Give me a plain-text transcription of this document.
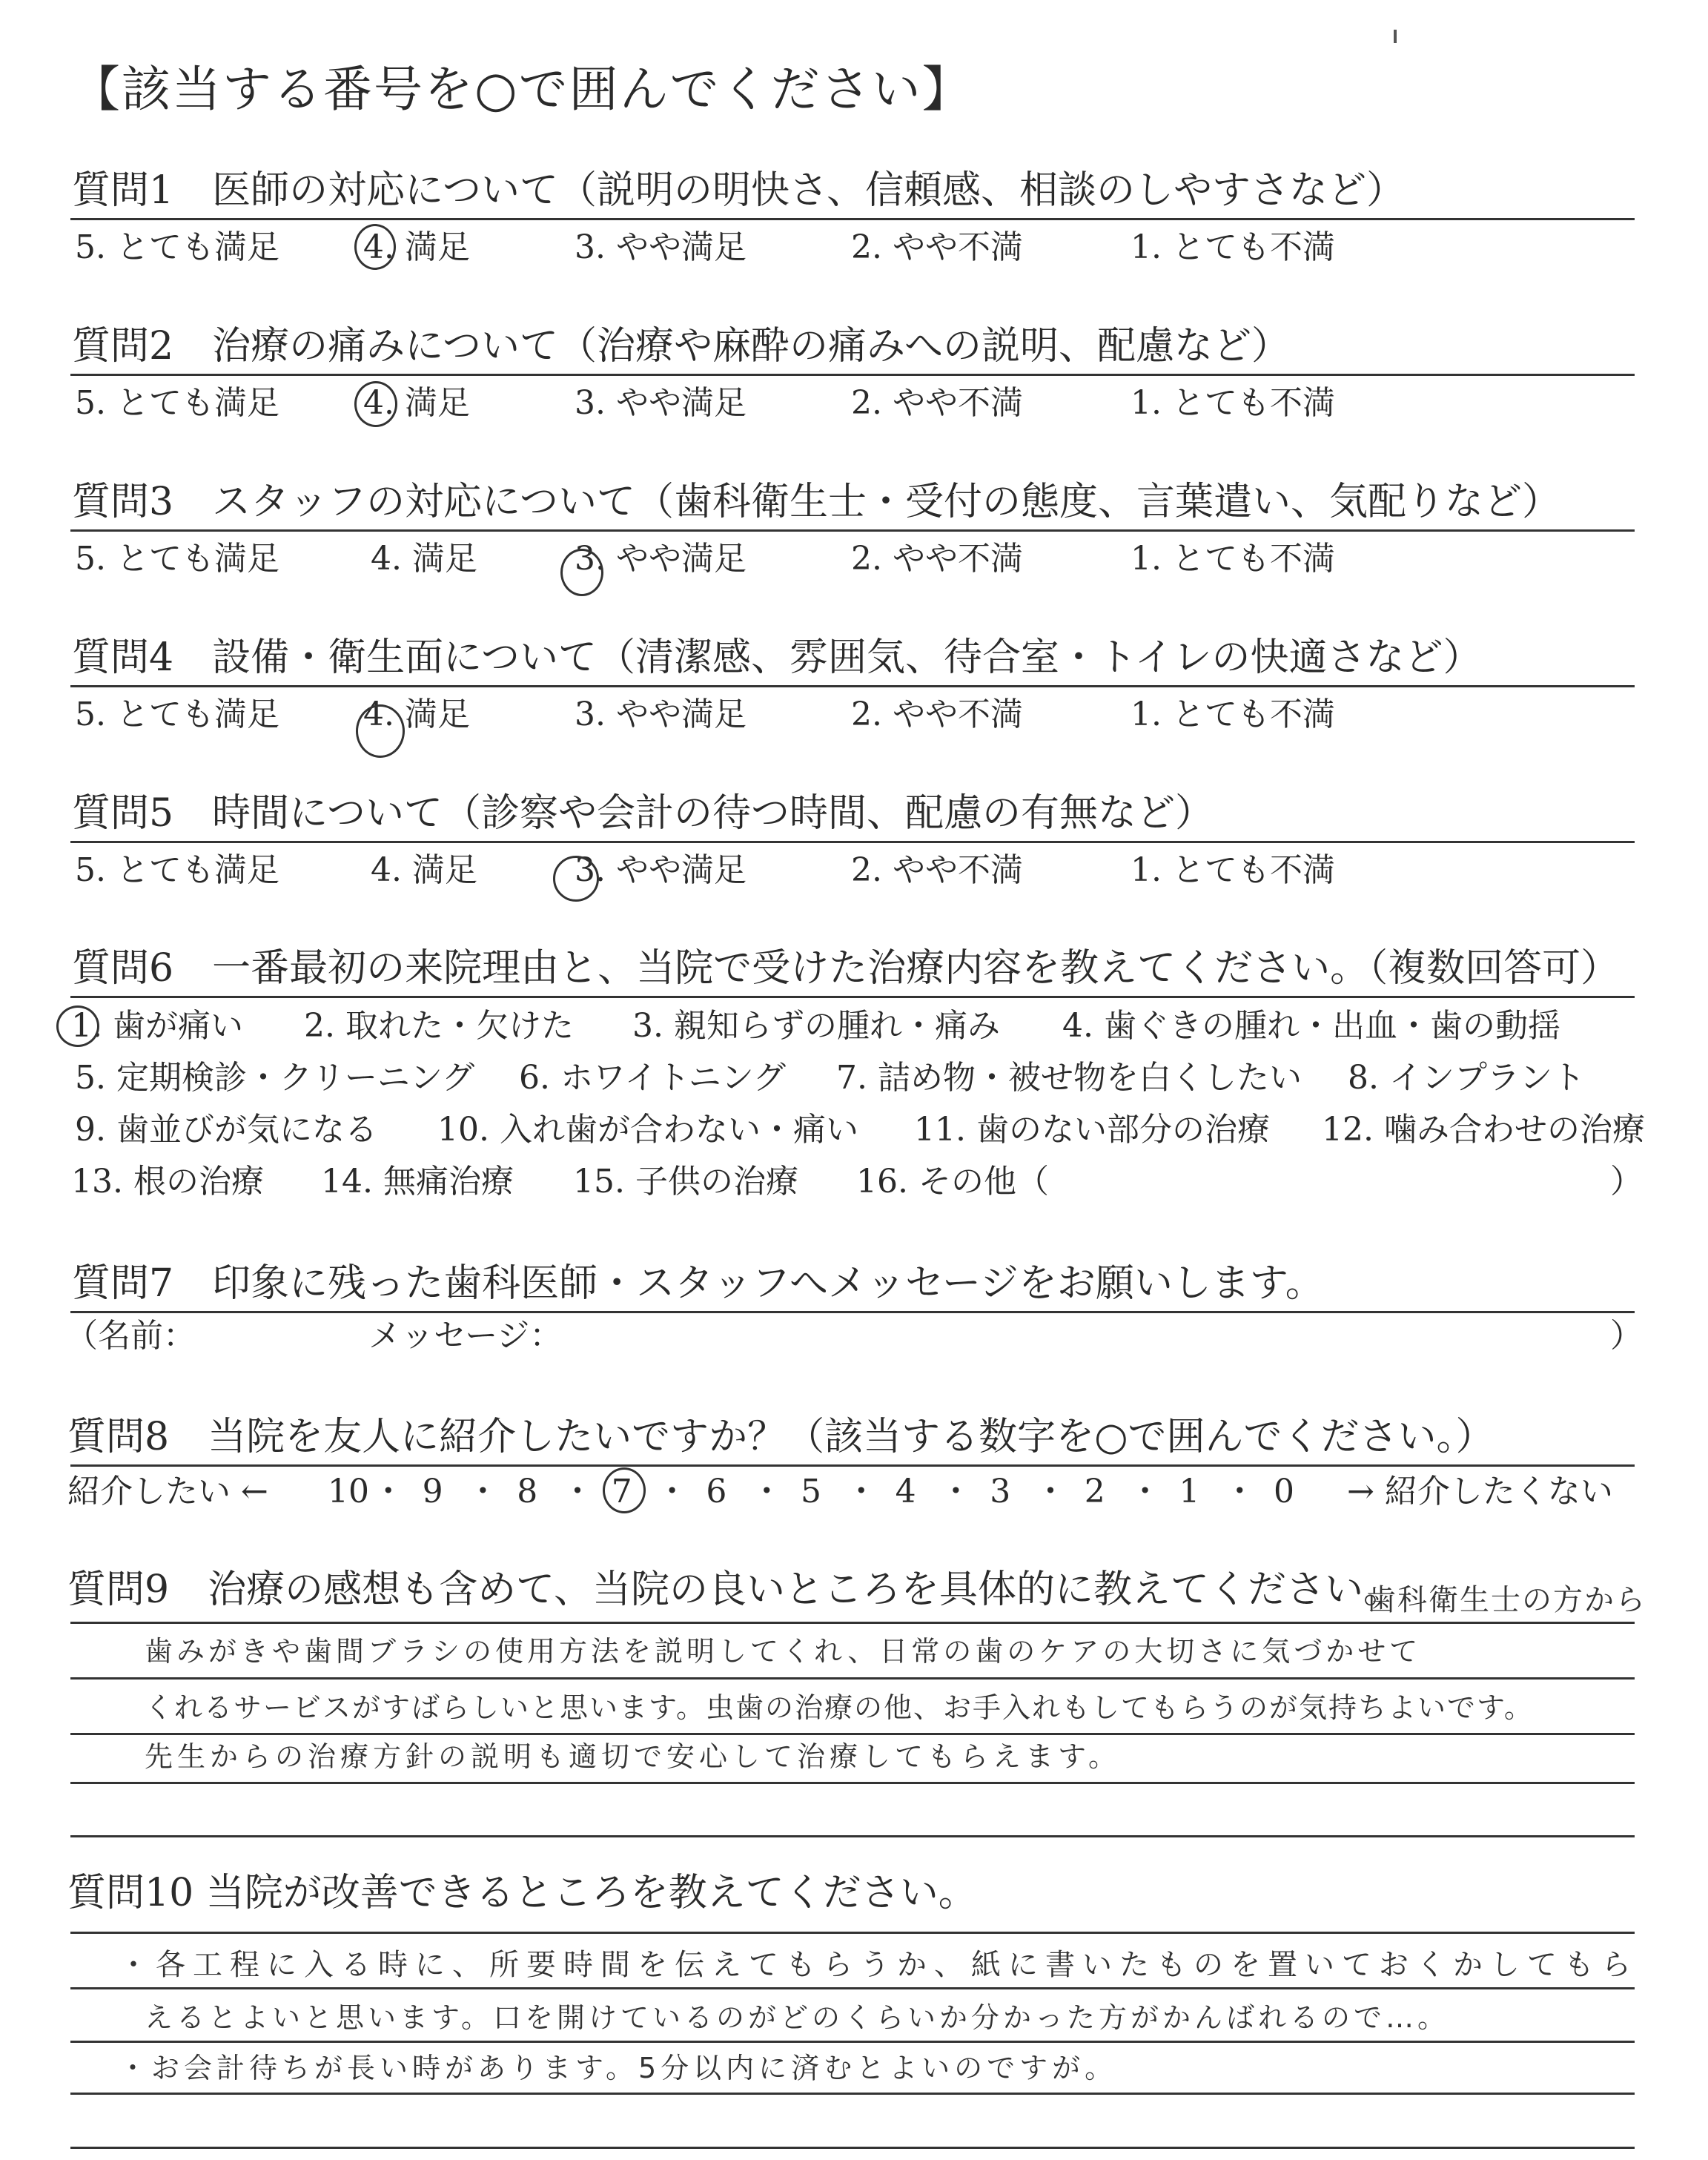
【該当する番号を○で囲んでください】
質問1　医師の対応について（説明の明快さ、信頼感、相談のしやすさなど）
5. とても満足	4. 満足	3. やや満足	2. やや不満	1. とても不満
質問2　治療の痛みについて（治療や麻酔の痛みへの説明、配慮など）
5. とても満足	4. 満足	3. やや満足	2. やや不満	1. とても不満
質問3　スタッフの対応について（歯科衛生士・受付の態度、言葉遣い、気配りなど）
5. とても満足	4. 満足	3. やや満足	2. やや不満	1. とても不満
質問4　設備・衛生面について（清潔感、雰囲気、待合室・トイレの快適さなど）
5. とても満足	4. 満足	3. やや満足	2. やや不満	1. とても不満
質問5　時間について（診察や会計の待つ時間、配慮の有無など）
5. とても満足	4. 満足	3. やや満足	2. やや不満	1. とても不満
質問6　一番最初の来院理由と、当院で受けた治療内容を教えてください。（複数回答可）
1. 歯が痛い 2. 取れた・欠けた 3. 親知らずの腫れ・痛み 4. 歯ぐきの腫れ・出血・歯の動揺
5. 定期検診・クリーニング 6. ホワイトニング 7. 詰め物・被せ物を白くしたい 8. インプラント
9. 歯並びが気になる 10. 入れ歯が合わない・痛い 11. 歯のない部分の治療 12. 噛み合わせの治療
13. 根の治療 14. 無痛治療 15. 子供の治療 16. その他（	）
質問7　印象に残った歯科医師・スタッフへメッセージをお願いします。
（名前：	メッセージ：	）
質問8　当院を友人に紹介したいですか？（該当する数字を○で囲んでください。）
紹介したい ← 10 ・ 9 ・ 8 ・ 7 ・ 6 ・ 5 ・ 4 ・ 3 ・ 2 ・ 1 ・ 0 → 紹介したくない
質問9　治療の感想も含めて、当院の良いところを具体的に教えてください。
歯科衛生士の方から
歯みがきや歯間ブラシの使用方法を説明してくれ、日常の歯のケアの大切さに気づかせて
くれるサービスがすばらしいと思います。虫歯の治療の他、お手入れもしてもらうのが気持ちよいです。
先生からの治療方針の説明も適切で安心して治療してもらえます。
質問10 当院が改善できるところを教えてください。
・各工程に入る時に、所要時間を伝えてもらうか、紙に書いたものを置いておくかしてもら
えるとよいと思います。口を開けているのがどのくらいか分かった方がかんばれるので…。
・お会計待ちが長い時があります。5分以内に済むとよいのですが。
